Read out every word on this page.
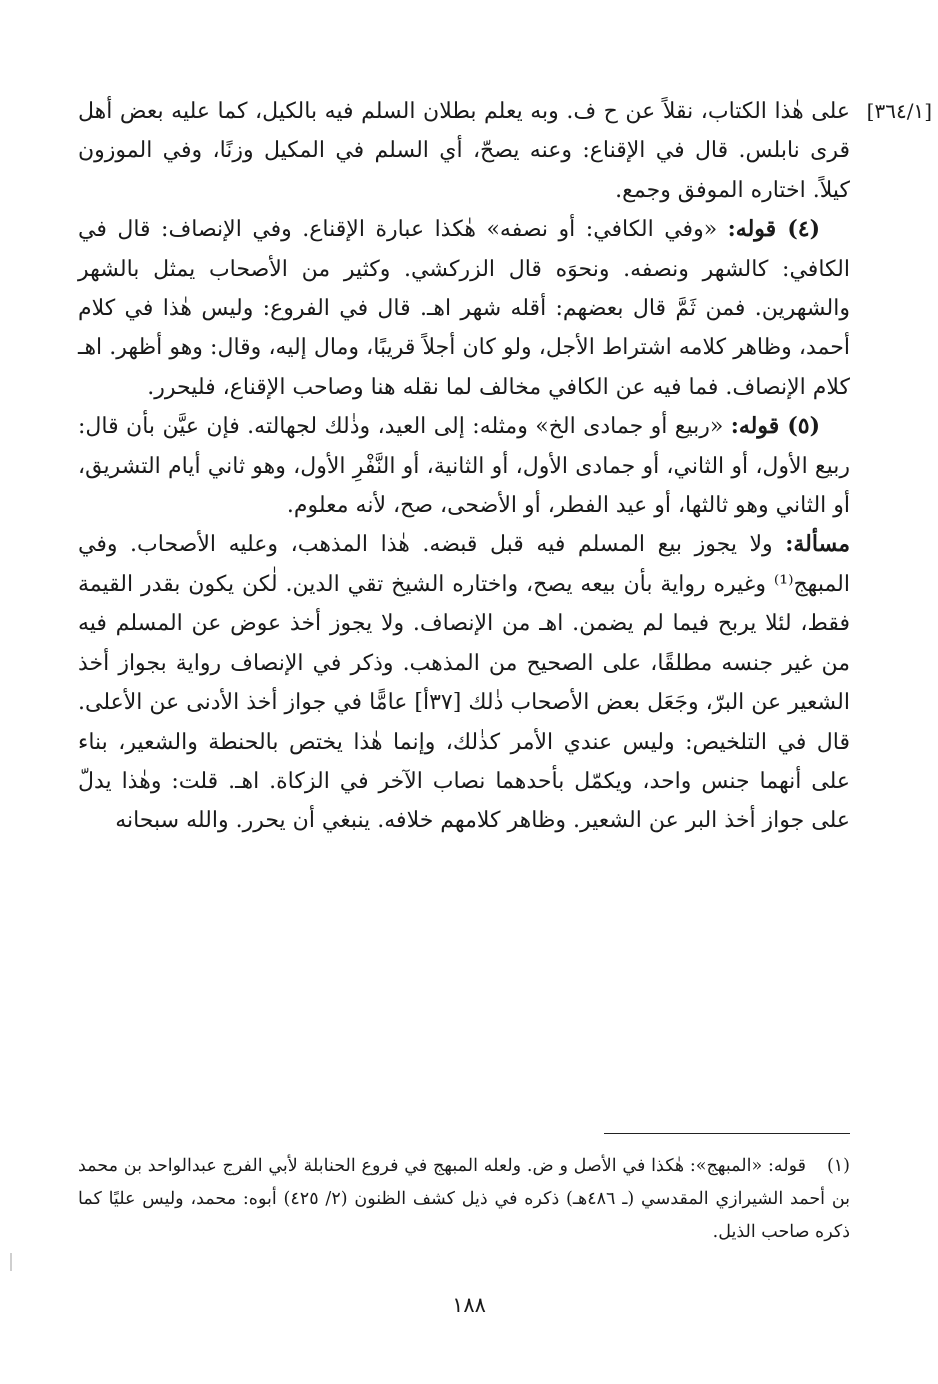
[٣٦٤/١]

على هٰذا الكتاب، نقلاً عن ح ف. وبه يعلم بطلان السلم فيه بالكيل، كما عليه بعض أهل قرى نابلس. قال في الإقناع: وعنه يصحّ، أي السلم في المكيل وزنًا، وفي الموزون كيلاً. اختاره الموفق وجمع.

(٤) قوله: «وفي الكافي: أو نصفه» هٰكذا عبارة الإقناع. وفي الإنصاف: قال في الكافي: كالشهر ونصفه. ونحوَه قال الزركشي. وكثير من الأصحاب يمثل بالشهر والشهرين. فمن ثَمَّ قال بعضهم: أقله شهر اهـ. قال في الفروع: وليس هٰذا في كلام أحمد، وظاهر كلامه اشتراط الأجل، ولو كان أجلاً قريبًا، ومال إليه، وقال: وهو أظهر. اهـ كلام الإنصاف. فما فيه عن الكافي مخالف لما نقله هنا وصاحب الإقناع، فليحرر.

(٥) قوله: «ربيع أو جمادى الخ» ومثله: إلى العيد، وذٰلك لجهالته. فإن عيَّن بأن قال: ربيع الأول، أو الثاني، أو جمادى الأول، أو الثانية، أو النَّفْرِ الأول، وهو ثاني أيام التشريق، أو الثاني وهو ثالثها، أو عيد الفطر، أو الأضحى، صح، لأنه معلوم.

مسألة: ولا يجوز بيع المسلم فيه قبل قبضه. هٰذا المذهب، وعليه الأصحاب. وفي المبهج⁽¹⁾ وغيره رواية بأن بيعه يصح، واختاره الشيخ تقي الدين. لٰكن يكون بقدر القيمة فقط، لئلا يربح فيما لم يضمن. اهـ من الإنصاف. ولا يجوز أخذ عوض عن المسلم فيه من غير جنسه مطلقًا، على الصحيح من المذهب. وذكر في الإنصاف رواية بجواز أخذ الشعير عن البرّ، وجَعَل بعض الأصحاب ذٰلك [٣٧أ] عامًّا في جواز أخذ الأدنى عن الأعلى. قال في التلخيص: وليس عندي الأمر كذٰلك، وإنما هٰذا يختص بالحنطة والشعير، بناء على أنهما جنس واحد، ويكمّل بأحدهما نصاب الآخر في الزكاة. اهـ. قلت: وهٰذا يدلّ على جواز أخذ البر عن الشعير. وظاهر كلامهم خلافه. ينبغي أن يحرر. والله سبحانه

(١)قوله: «المبهج»: هٰكذا في الأصل و ض. ولعله المبهج في فروع الحنابلة لأبي الفرج عبدالواحد بن محمد بن أحمد الشيرازي المقدسي (ـ ٤٨٦هـ) ذكره في ذيل كشف الظنون (٢/ ٤٢٥) أبوه: محمد، وليس عليًا كما ذكره صاحب الذيل.

١٨٨
